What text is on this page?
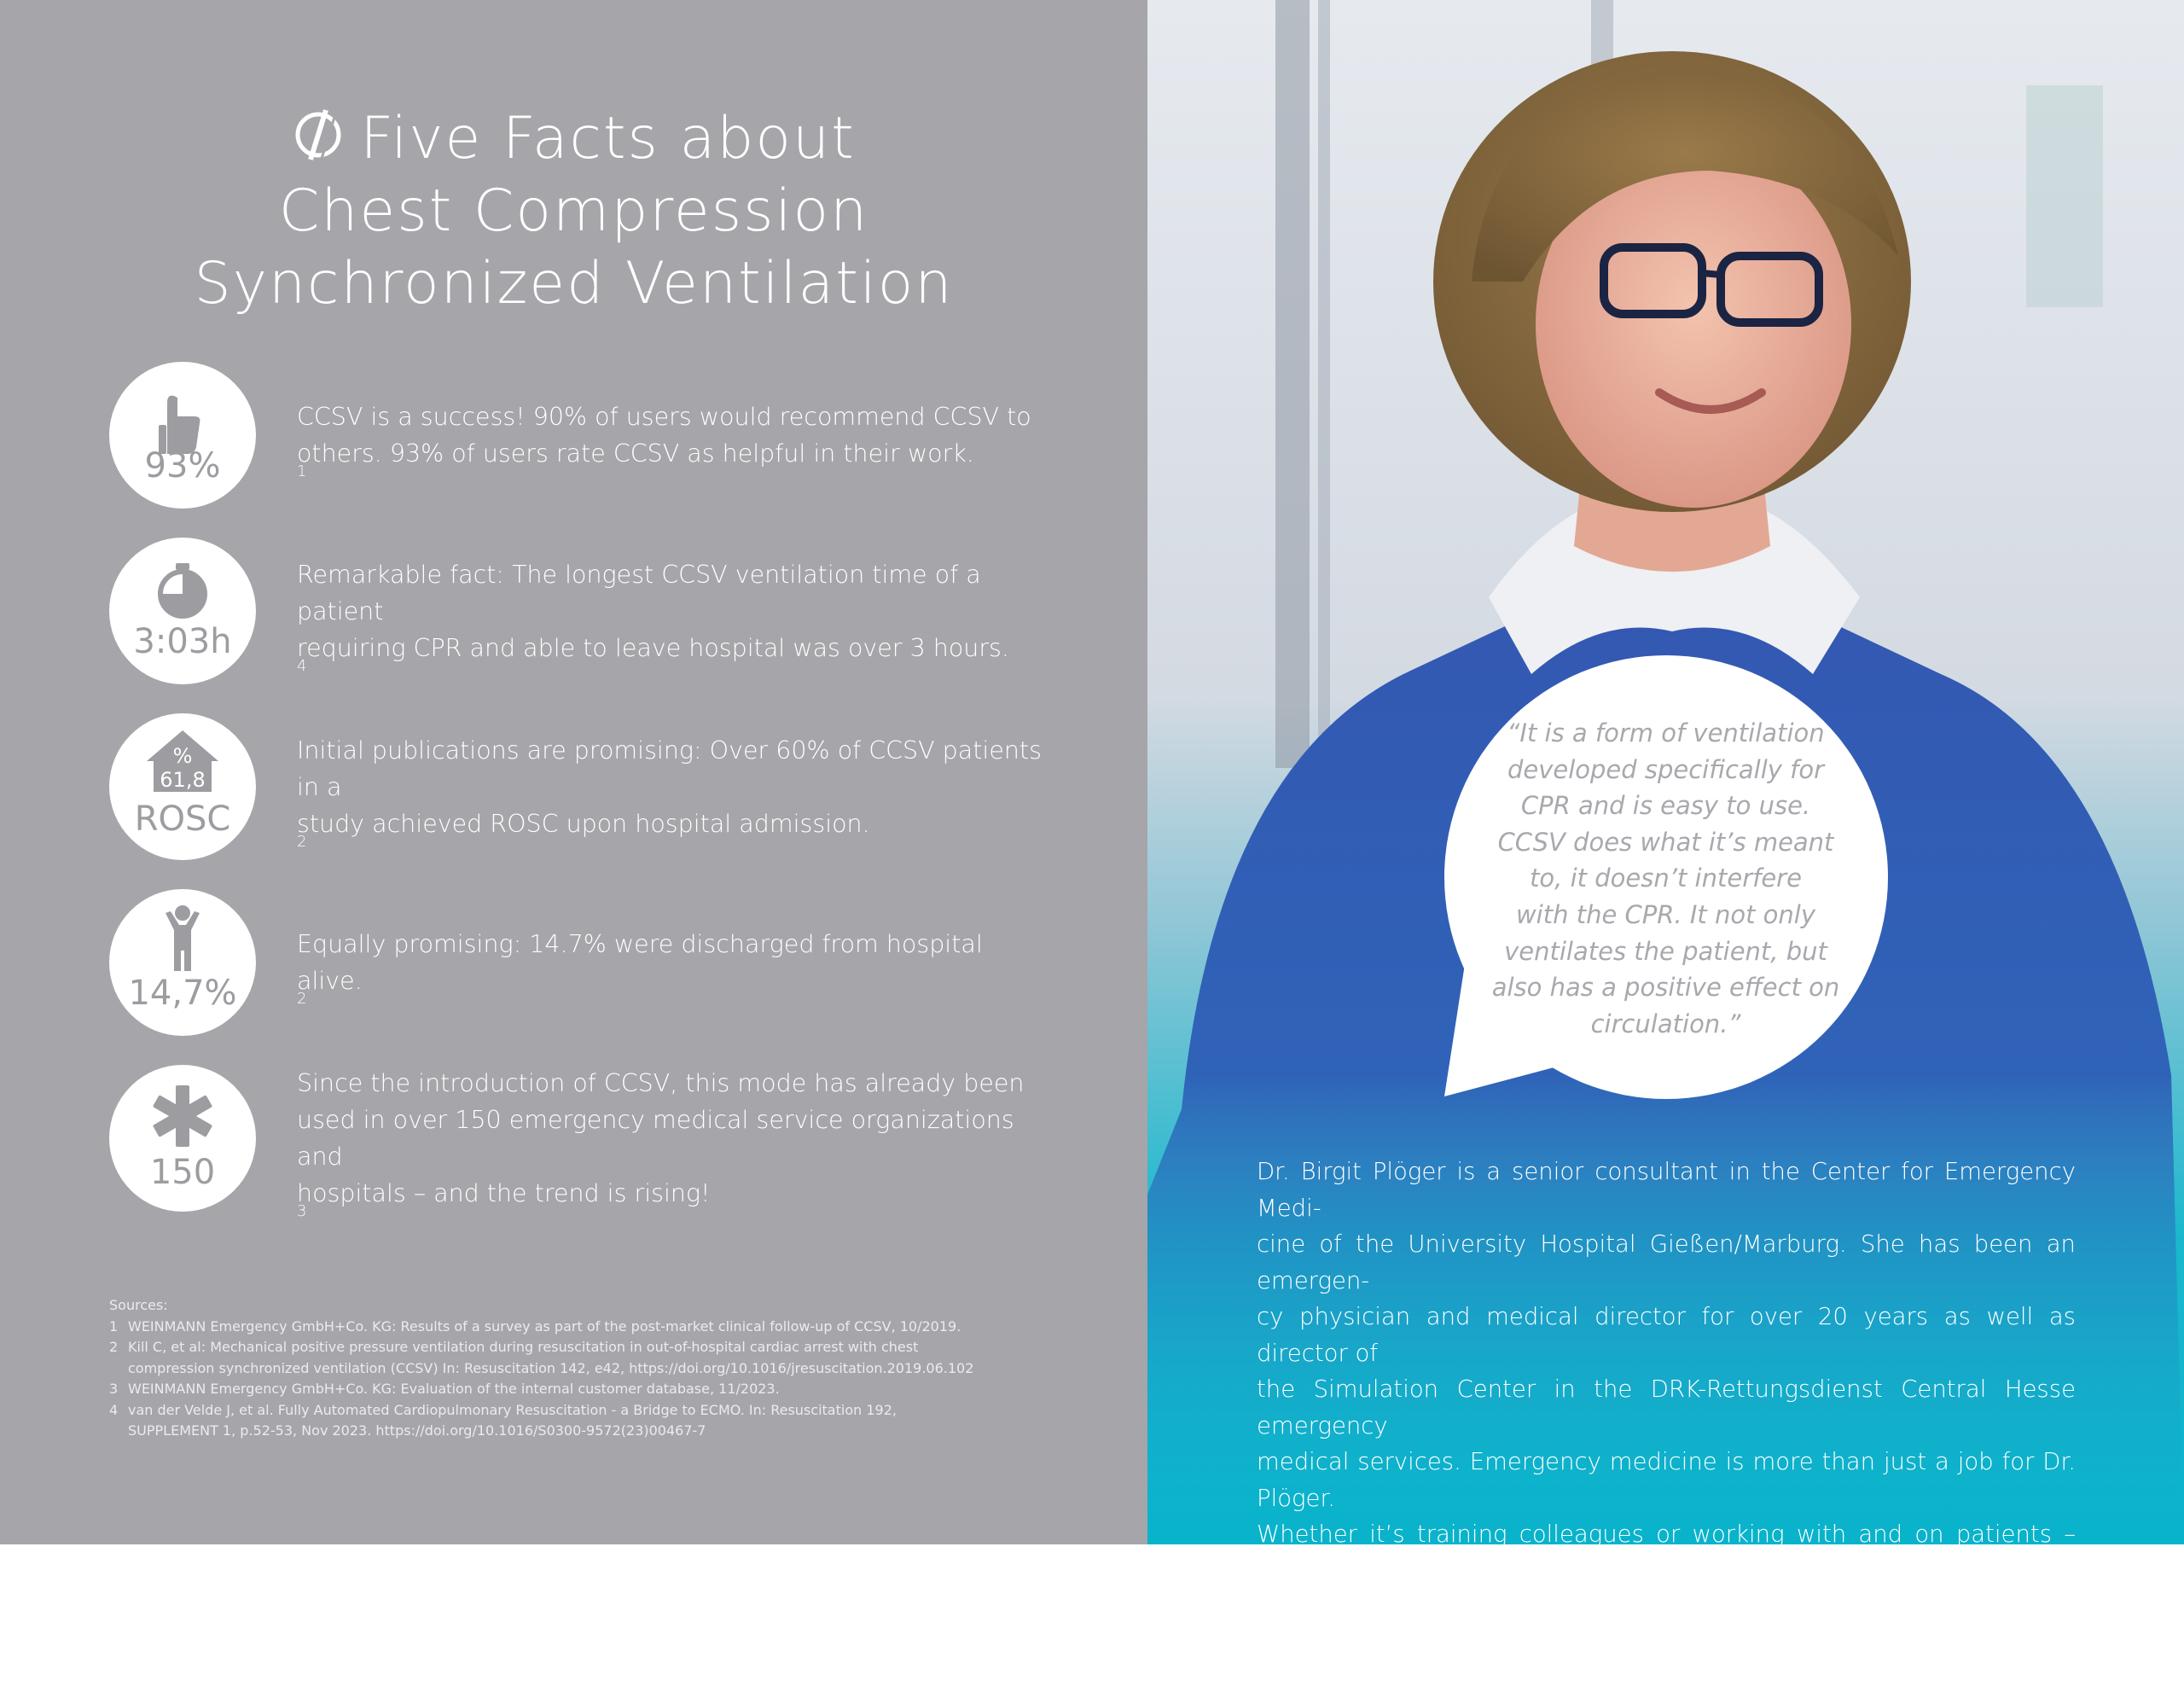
Five Facts about
Chest Compression
Synchronized Ventilation
93%
CCSV is a success! 90% of users would recommend CCSV to
others. 93% of users rate CCSV as helpful in their work.
1
3:03h
Remarkable fact: The longest CCSV ventilation time of a patient
requiring CPR and able to leave hospital was over 3 hours.
4
%
61,8
ROSC
Initial publications are promising: Over 60% of CCSV patients in a
study achieved ROSC upon hospital admission.
2
14,7%
Equally promising: 14.7% were discharged from hospital alive.
2
150
Since the introduction of CCSV, this mode has already been
used in over 150 emergency medical service organizations and
hospitals – and the trend is rising!
3
Sources:
1 WEINMANN Emergency GmbH+Co. KG: Results of a survey as part of the post-market clinical follow-up of CCSV, 10/2019.
2 Kill C, et al: Mechanical positive pressure ventilation during resuscitation in out-of-hospital cardiac arrest with chest
compression synchronized ventilation (CCSV) In: Resuscitation 142, e42, https://doi.org/10.1016/jresuscitation.2019.06.102
3 WEINMANN Emergency GmbH+Co. KG: Evaluation of the internal customer database, 11/2023.
4 van der Velde J, et al. Fully Automated Cardiopulmonary Resuscitation - a Bridge to ECMO. In: Resuscitation 192,
SUPPLEMENT 1, p.52-53, Nov 2023. https://doi.org/10.1016/S0300-9572(23)00467-7
“It is a form of ventilation
developed specifically for
CPR and is easy to use.
CCSV does what it’s meant
to, it doesn’t interfere
with the CPR. It not only
ventilates the patient, but
also has a positive effect on
circulation.”
Dr. Birgit Plöger is a senior consultant in the Center for Emergency Medi-
cine of the University Hospital Gießen/Marburg. She has been an emergen-
cy physician and medical director for over 20 years as well as director of
the Simulation Center in the DRK-Rettungsdienst Central Hesse emergency
medical services. Emergency medicine is more than just a job for Dr. Plöger.
Whether it’s training colleagues or working with and on patients – she is
passionate about everything she does. A passion that also comes across in
our conversation.
